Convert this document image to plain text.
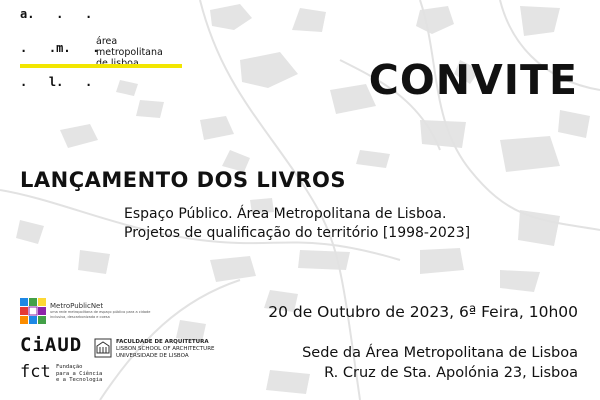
a.   .   .

.   .m.   .

.   l.   .
área
metropolitana
CONVITE
LANÇAMENTO DOS LIVROS
Espaço Público. Área Metropolitana de Lisboa.
Projetos de qualificação do território [1998-2023]
20 de Outubro de 2023, 6ª Feira, 10h00
Sede da Área Metropolitana de Lisboa
R. Cruz de Sta. Apolónia 23, Lisboa
MetroPublicNet
uma rede metropolitana de espaço público para a cidade inclusiva, descarbonizada e coesa
CiAUD	FACULDADE DE ARQUITETURA
LISBON SCHOOL OF ARCHITECTURE
UNIVERSIDADE DE LISBOA
fct Fundação
para a Ciência
e a Tecnologia
